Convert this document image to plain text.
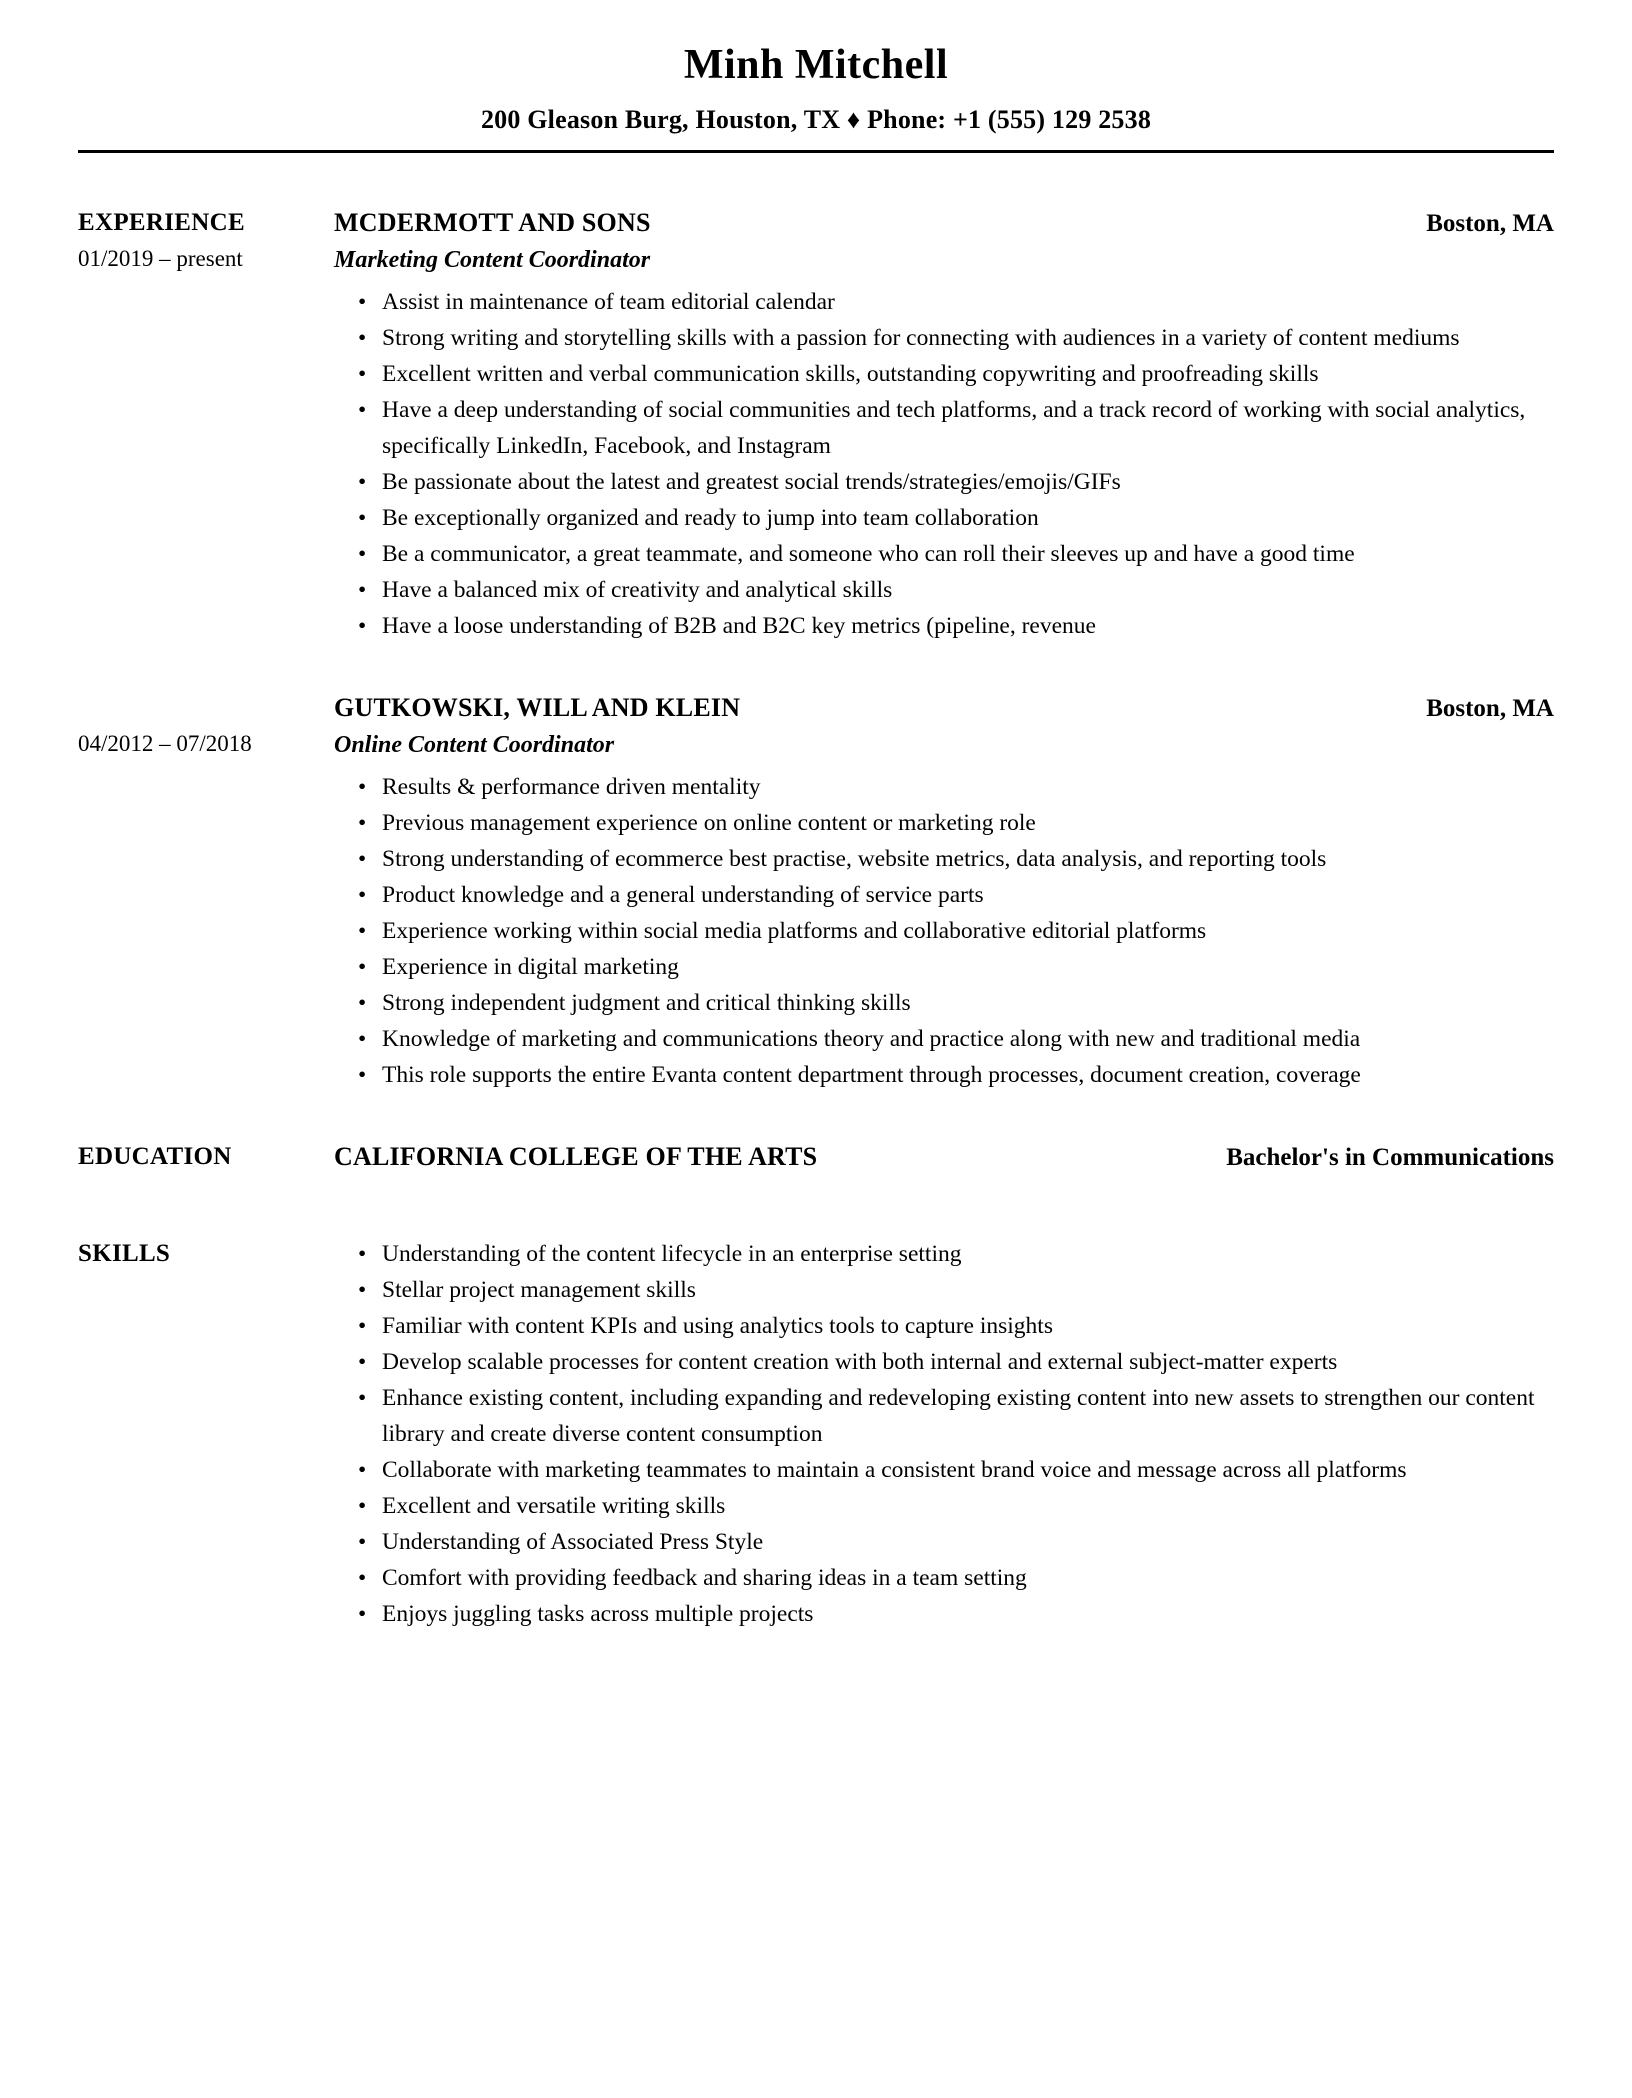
Minh Mitchell
200 Gleason Burg, Houston, TX ♦ Phone: +1 (555) 129 2538
EXPERIENCE
01/2019 – present
MCDERMOTT AND SONS	Boston, MA
Marketing Content Coordinator
• Assist in maintenance of team editorial calendar
• Strong writing and storytelling skills with a passion for connecting with audiences in a variety of content mediums
• Excellent written and verbal communication skills, outstanding copywriting and proofreading skills
• Have a deep understanding of social communities and tech platforms, and a track record of working with social analytics, specifically LinkedIn, Facebook, and Instagram
• Be passionate about the latest and greatest social trends/strategies/emojis/GIFs
• Be exceptionally organized and ready to jump into team collaboration
• Be a communicator, a great teammate, and someone who can roll their sleeves up and have a good time
• Have a balanced mix of creativity and analytical skills
• Have a loose understanding of B2B and B2C key metrics (pipeline, revenue
04/2012 – 07/2018
GUTKOWSKI, WILL AND KLEIN	Boston, MA
Online Content Coordinator
• Results & performance driven mentality
• Previous management experience on online content or marketing role
• Strong understanding of ecommerce best practise, website metrics, data analysis, and reporting tools
• Product knowledge and a general understanding of service parts
• Experience working within social media platforms and collaborative editorial platforms
• Experience in digital marketing
• Strong independent judgment and critical thinking skills
• Knowledge of marketing and communications theory and practice along with new and traditional media
• This role supports the entire Evanta content department through processes, document creation, coverage
EDUCATION	CALIFORNIA COLLEGE OF THE ARTS	Bachelor's in Communications
SKILLS	• Understanding of the content lifecycle in an enterprise setting
• Stellar project management skills
• Familiar with content KPIs and using analytics tools to capture insights
• Develop scalable processes for content creation with both internal and external subject-matter experts
• Enhance existing content, including expanding and redeveloping existing content into new assets to strengthen our content library and create diverse content consumption
• Collaborate with marketing teammates to maintain a consistent brand voice and message across all platforms
• Excellent and versatile writing skills
• Understanding of Associated Press Style
• Comfort with providing feedback and sharing ideas in a team setting
• Enjoys juggling tasks across multiple projects
